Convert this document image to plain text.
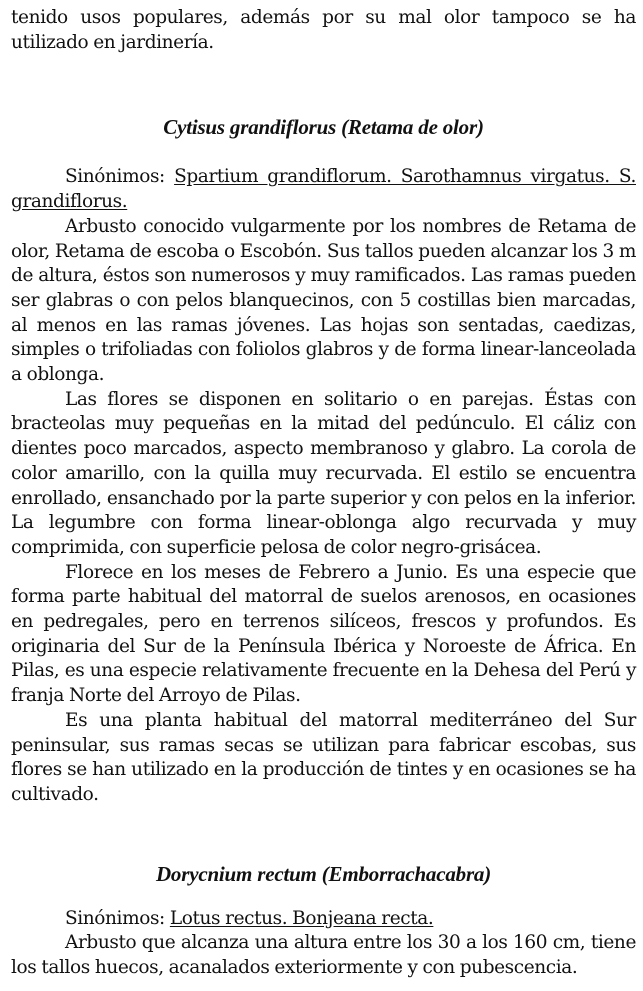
tenido usos populares, además por su mal olor tampoco se ha utilizado en jardinería.

Cytisus grandiflorus (Retama de olor)

Sinónimos: Spartium grandiflorum. Sarothamnus virgatus. S. grandiflorus.

Arbusto conocido vulgarmente por los nombres de Retama de olor, Retama de escoba o Escobón. Sus tallos pueden alcanzar los 3 m de altura, éstos son numerosos y muy ramificados. Las ramas pueden ser glabras o con pelos blanquecinos, con 5 costillas bien marcadas, al menos en las ramas jóvenes. Las hojas son sentadas, caedizas, simples o trifoliadas con foliolos glabros y de forma linear-lanceolada a oblonga.

Las flores se disponen en solitario o en parejas. Éstas con bracteolas muy pequeñas en la mitad del pedúnculo. El cáliz con dientes poco marcados, aspecto membranoso y glabro. La corola de color amarillo, con la quilla muy recurvada. El estilo se encuentra enrollado, ensanchado por la parte superior y con pelos en la inferior. La legumbre con forma linear-oblonga algo recurvada y muy comprimida, con superficie pelosa de color negro-grisácea.

Florece en los meses de Febrero a Junio. Es una especie que forma parte habitual del matorral de suelos arenosos, en ocasiones en pedregales, pero en terrenos silíceos, frescos y profundos. Es originaria del Sur de la Península Ibérica y Noroeste de África. En Pilas, es una especie relativamente frecuente en la Dehesa del Perú y franja Norte del Arroyo de Pilas.

Es una planta habitual del matorral mediterráneo del Sur peninsular, sus ramas secas se utilizan para fabricar escobas, sus flores se han utilizado en la producción de tintes y en ocasiones se ha cultivado.

Dorycnium rectum (Emborrachacabra)

Sinónimos: Lotus rectus. Bonjeana recta.

Arbusto que alcanza una altura entre los 30 a los 160 cm, tiene los tallos huecos, acanalados exteriormente y con pubescencia.
